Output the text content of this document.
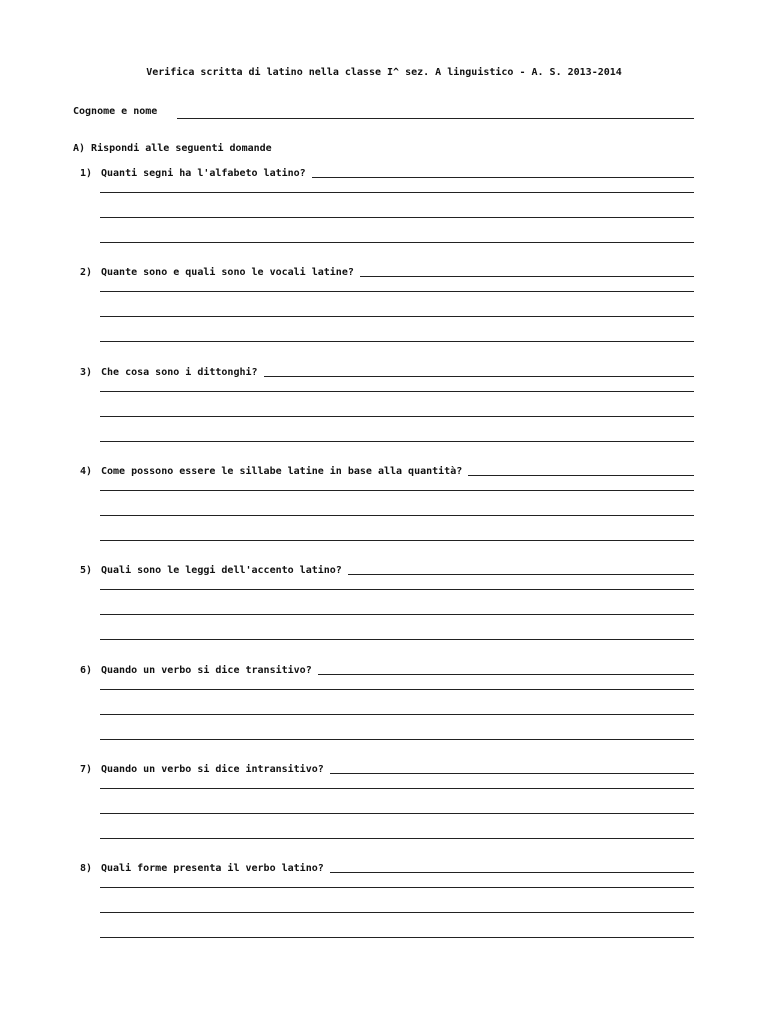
Verifica scritta di latino nella classe I^ sez. A linguistico - A. S. 2013-2014
Cognome e nome
A) Rispondi alle seguenti domande
1) Quanti segni ha l'alfabeto latino?
2) Quante sono e quali sono le vocali latine?
3) Che cosa sono i dittonghi?
4) Come possono essere le sillabe latine in base alla quantità?
5) Quali sono le leggi dell'accento latino?
6) Quando un verbo si dice transitivo?
7) Quando un verbo si dice intransitivo?
8) Quali forme presenta il verbo latino?
